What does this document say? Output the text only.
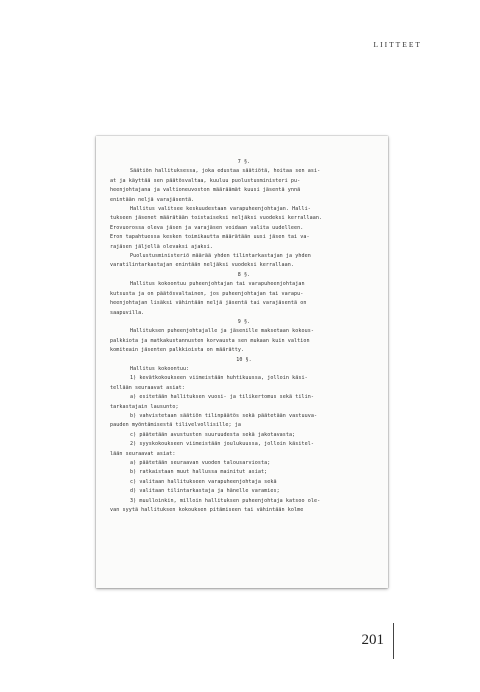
LIITTEET

7 §.

Säätiön hallituksessa, joka edustaa säätiötä, hoitaa sen asi-

at ja käyttää sen päätösvaltaa, kuuluu puolustusministeri pu-

heenjohtajana ja valtioneuvoston määräämät kuusi jäsentä ynnä

enintään neljä varajäsentä.

Hallitus valitsee keskuudestaan varapuheenjohtajan. Halli-

tukseen jäsenet määrätään toistaiseksi neljäksi vuodeksi kerrallaan.

Erovuorossa oleva jäsen ja varajäsen voidaan valita uudelleen.

Eron tapahtuessa kesken toimikautta määrätään uusi jäsen tai va-

rajäsen jäljellä olevaksi ajaksi.

Puolustusministeriö määrää yhden tilintarkastajan ja yhden

varatilintarkastajan enintään neljäksi vuodeksi kerrallaan.

8 §.

Hallitus kokoontuu puheenjohtajan tai varapuheenjohtajan

kutsusta ja on päätösvaltainen, jos puheenjohtajan tai varapu-

heenjohtajan lisäksi vähintään neljä jäsentä tai varajäsentä on

saapuvilla.

9 §.

Hallituksen puheenjohtajalle ja jäsenille maksetaan kokous-

palkkiota ja matkakustannusten korvausta sen mukaan kuin valtion

komiteain jäsenten palkkioista on määrätty.

10 §.

Hallitus kokoontuu:

1) kevätkokoukseen viimeistään huhtikuussa, jolloin käsi-

tellään seuraavat asiat:

a) esitetään hallituksen vuosi- ja tilikertomus sekä tilin-

tarkastajain lausunto;

b) vahvistetaan säätiön tilinpäätös sekä päätetään vastuuva-

pauden myöntämisestä tilivelvollisille; ja

c) päätetään avustusten suuruudesta sekä jakotavasta;

2) syyskokoukseen viimeistään joulukuussa, jolloin käsitel-

lään seuraavat asiat:

a) päätetään seuraavan vuoden talousarviosta;

b) ratkaistaan muut hallussa mainitut asiat;

c) valitaan hallitukseen varapuheenjohtaja sekä

d) valitaan tilintarkastaja ja hänelle varamies;

3) muulloinkin, milloin hallituksen puheenjohtaja katsoo ole-

van syytä hallituksen kokouksen pitämiseen tai vähintään kolme

201
